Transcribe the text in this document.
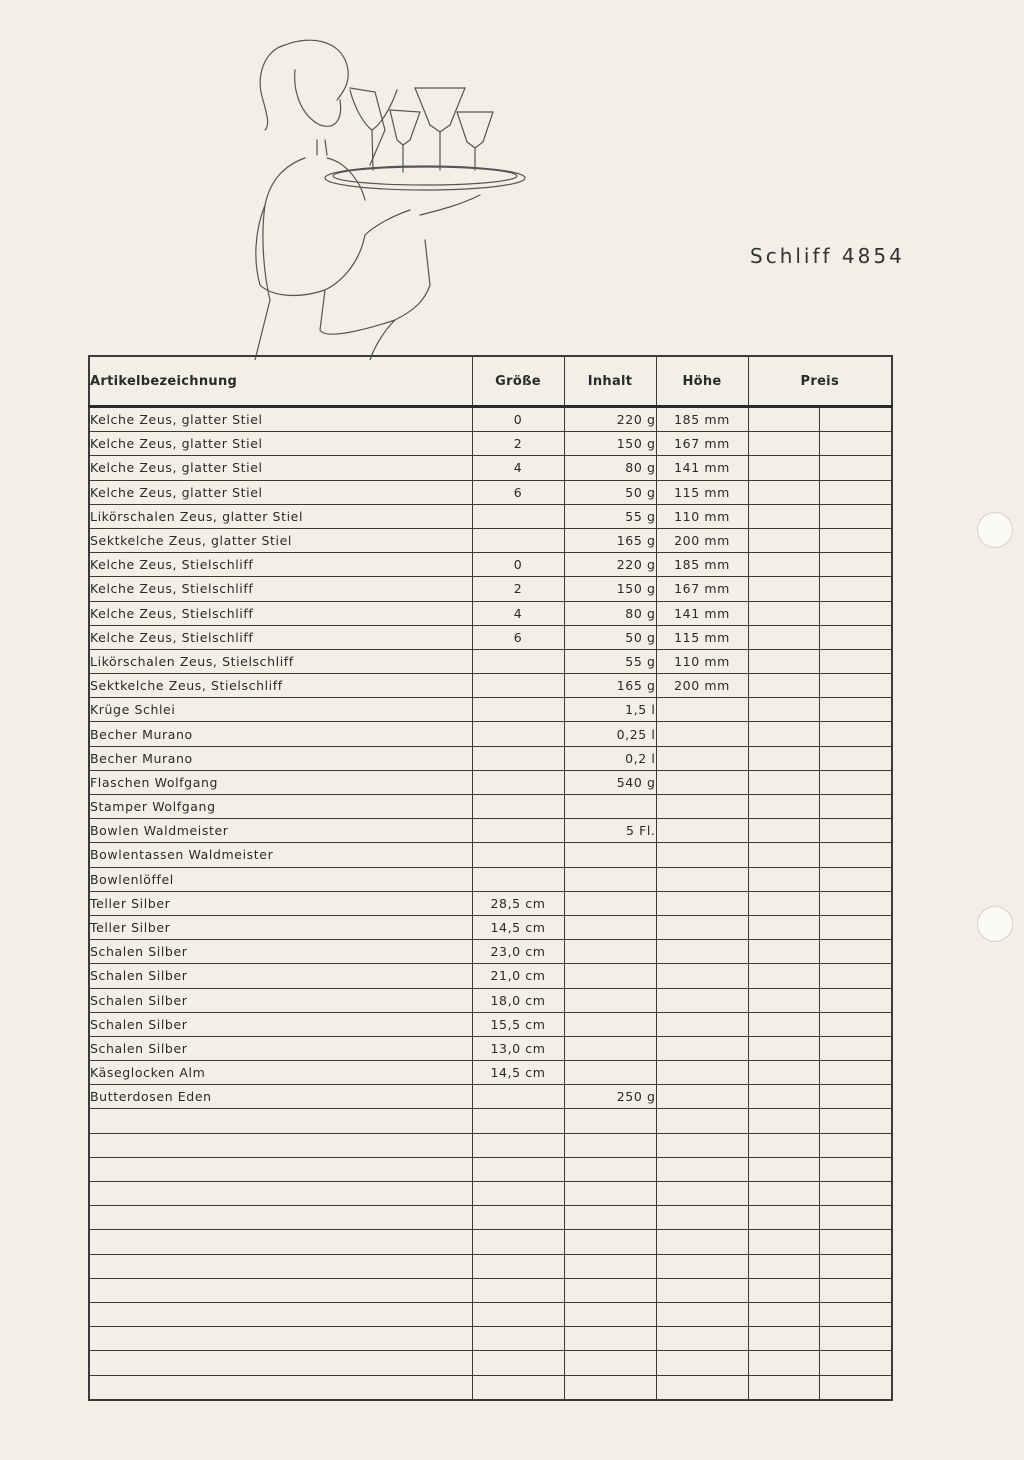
Schliff 4854
Artikelbezeichnung	Größe	Inhalt	Höhe	Preis	
Kelche Zeus, glatter Stiel	0	220 g	185 mm		
Kelche Zeus, glatter Stiel	2	150 g	167 mm		
Kelche Zeus, glatter Stiel	4	80 g	141 mm		
Kelche Zeus, glatter Stiel	6	50 g	115 mm		
Likörschalen Zeus, glatter Stiel		55 g	110 mm		
Sektkelche Zeus, glatter Stiel		165 g	200 mm		
Kelche Zeus, Stielschliff	0	220 g	185 mm		
Kelche Zeus, Stielschliff	2	150 g	167 mm		
Kelche Zeus, Stielschliff	4	80 g	141 mm		
Kelche Zeus, Stielschliff	6	50 g	115 mm		
Likörschalen Zeus, Stielschliff		55 g	110 mm		
Sektkelche Zeus, Stielschliff		165 g	200 mm		
Krüge Schlei		1,5 l			
Becher Murano		0,25 l			
Becher Murano		0,2 l			
Flaschen Wolfgang		540 g			
Stamper Wolfgang					
Bowlen Waldmeister		5 Fl.			
Bowlentassen Waldmeister					
Bowlenlöffel					
Teller Silber	28,5 cm				
Teller Silber	14,5 cm				
Schalen Silber	23,0 cm				
Schalen Silber	21,0 cm				
Schalen Silber	18,0 cm				
Schalen Silber	15,5 cm				
Schalen Silber	13,0 cm				
Käseglocken Alm	14,5 cm				
Butterdosen Eden		250 g			
